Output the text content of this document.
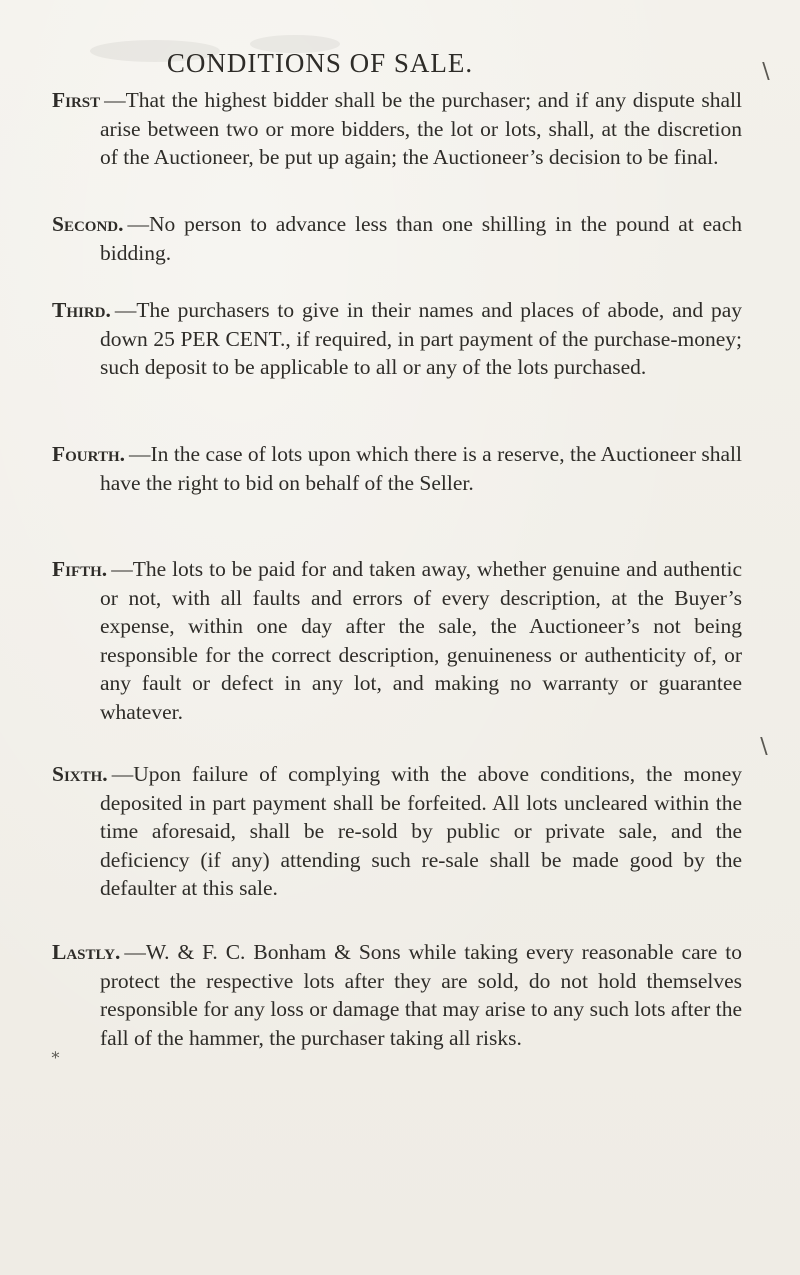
CONDITIONS OF SALE.
First —That the highest bidder shall be the purchaser; and if any dispute shall arise between two or more bidders, the lot or lots, shall, at the discretion of the Auctioneer, be put up again; the Auctioneer’s decision to be final.
Second. —No person to advance less than one shilling in the pound at each bidding.
Third. —The purchasers to give in their names and places of abode, and pay down 25 PER CENT., if required, in part payment of the purchase-money; such deposit to be applicable to all or any of the lots purchased.
Fourth. —In the case of lots upon which there is a reserve, the Auctioneer shall have the right to bid on behalf of the Seller.
Fifth. —The lots to be paid for and taken away, whether genuine and authentic or not, with all faults and errors of every description, at the Buyer’s expense, within one day after the sale, the Auctioneer’s not being responsible for the correct description, genuineness or authenticity of, or any fault or defect in any lot, and making no warranty or guarantee whatever.
Sixth. —Upon failure of complying with the above conditions, the money deposited in part payment shall be forfeited. All lots uncleared within the time aforesaid, shall be re-sold by public or private sale, and the deficiency (if any) attending such re-sale shall be made good by the defaulter at this sale.
Lastly. —W. & F. C. Bonham & Sons while taking every reasonable care to protect the respective lots after they are sold, do not hold themselves responsible for any loss or damage that may arise to any such lots after the fall of the hammer, the purchaser taking all risks.
∖
∖
∗
